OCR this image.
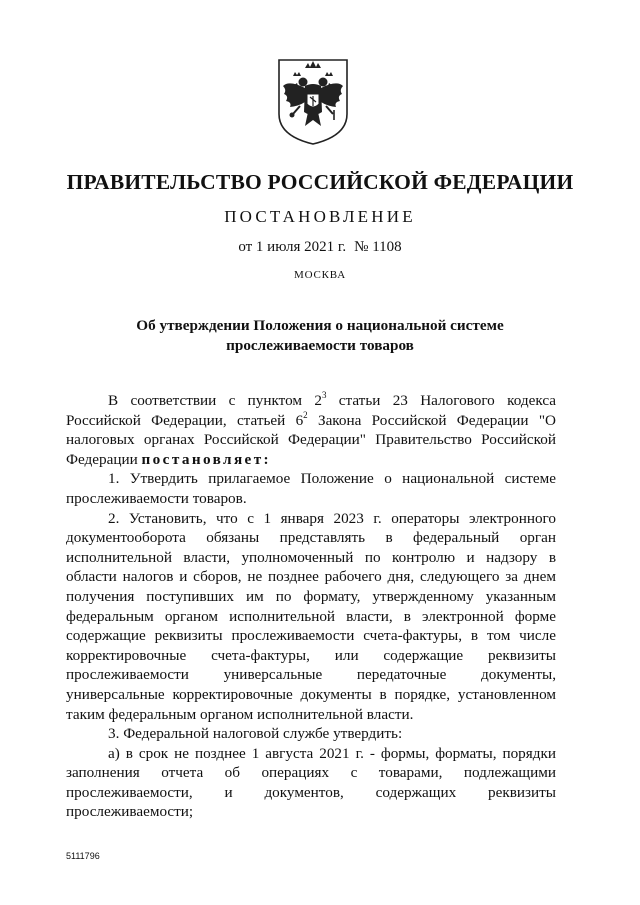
ПРАВИТЕЛЬСТВО РОССИЙСКОЙ ФЕДЕРАЦИИ
ПОСТАНОВЛЕНИЕ
от 1 июля 2021 г. № 1108
МОСКВА
Об утверждении Положения о национальной системе
прослеживаемости товаров

В соответствии с пунктом $2^3$ статьи 23 Налогового кодекса Российской Федерации, статьей $6^2$ Закона Российской Федерации "О налоговых органах Российской Федерации" Правительство Российской Федерации постановляет:

1. Утвердить прилагаемое Положение о национальной системе прослеживаемости товаров.

2. Установить, что с 1 января 2023 г. операторы электронного документооборота обязаны представлять в федеральный орган исполнительной власти, уполномоченный по контролю и надзору в области налогов и сборов, не позднее рабочего дня, следующего за днем получения поступивших им по формату, утвержденному указанным федеральным органом исполнительной власти, в электронной форме содержащие реквизиты прослеживаемости счета-фактуры, в том числе корректировочные счета-фактуры, или содержащие реквизиты прослеживаемости универсальные передаточные документы, универсальные корректировочные документы в порядке, установленном таким федеральным органом исполнительной власти.

3. Федеральной налоговой службе утвердить:

а) в срок не позднее 1 августа 2021 г. - формы, форматы, порядки заполнения отчета об операциях с товарами, подлежащими прослеживаемости, и документов, содержащих реквизиты прослеживаемости;

5111796
